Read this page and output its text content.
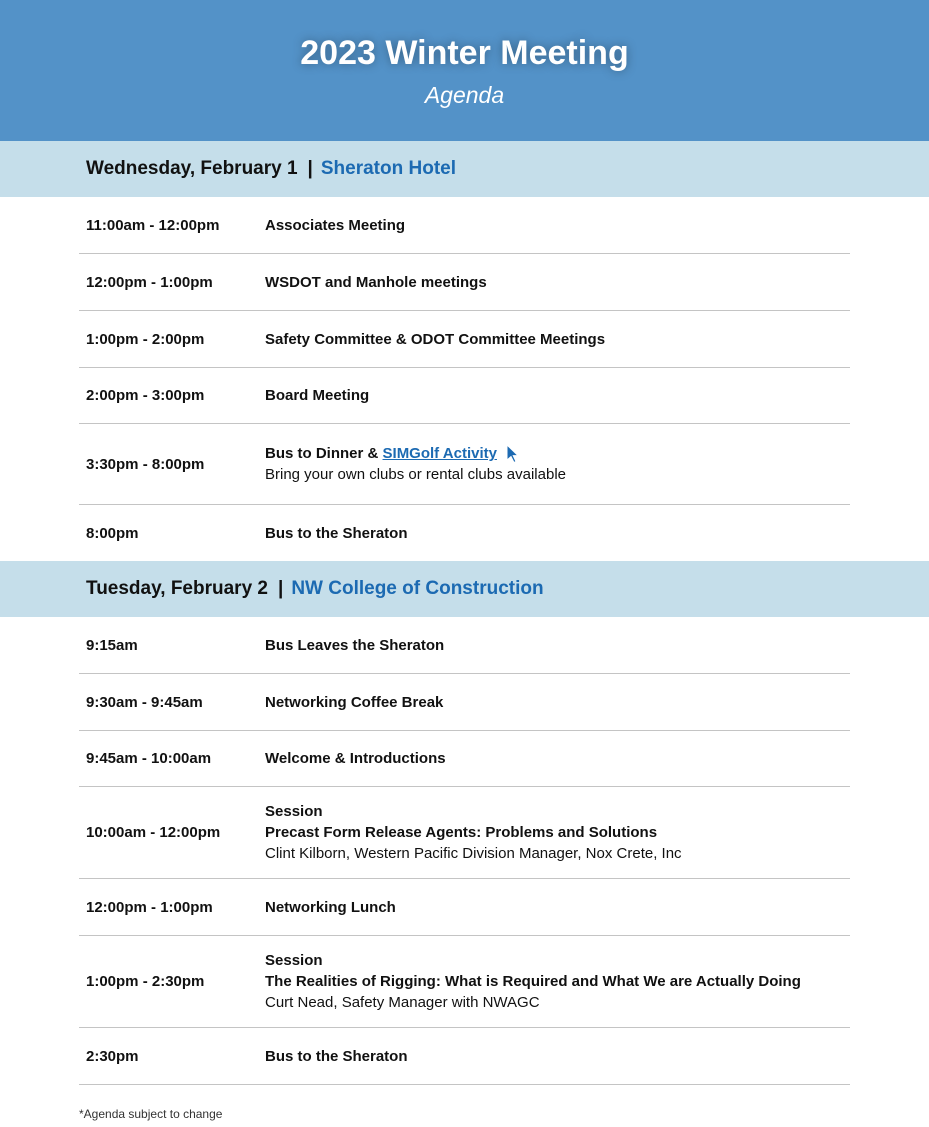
2023 Winter Meeting
Agenda
Wednesday, February 1 | Sheraton Hotel
11:00am - 12:00pm	Associates Meeting
12:00pm - 1:00pm	WSDOT and Manhole meetings
1:00pm - 2:00pm	Safety Committee & ODOT Committee Meetings
2:00pm - 3:00pm	Board Meeting
3:30pm - 8:00pm
Bus to Dinner & SIMGolf Activity
Bring your own clubs or rental clubs available
8:00pm	Bus to the Sheraton
Tuesday, February 2 | NW College of Construction
9:15am	Bus Leaves the Sheraton
9:30am - 9:45am	Networking Coffee Break
9:45am - 10:00am	Welcome & Introductions
10:00am - 12:00pm
Session
Precast Form Release Agents: Problems and Solutions
Clint Kilborn, Western Pacific Division Manager, Nox Crete, Inc
12:00pm - 1:00pm	Networking Lunch
1:00pm - 2:30pm
Session
The Realities of Rigging: What is Required and What We are Actually Doing
Curt Nead, Safety Manager with NWAGC
2:30pm	Bus to the Sheraton
*Agenda subject to change
